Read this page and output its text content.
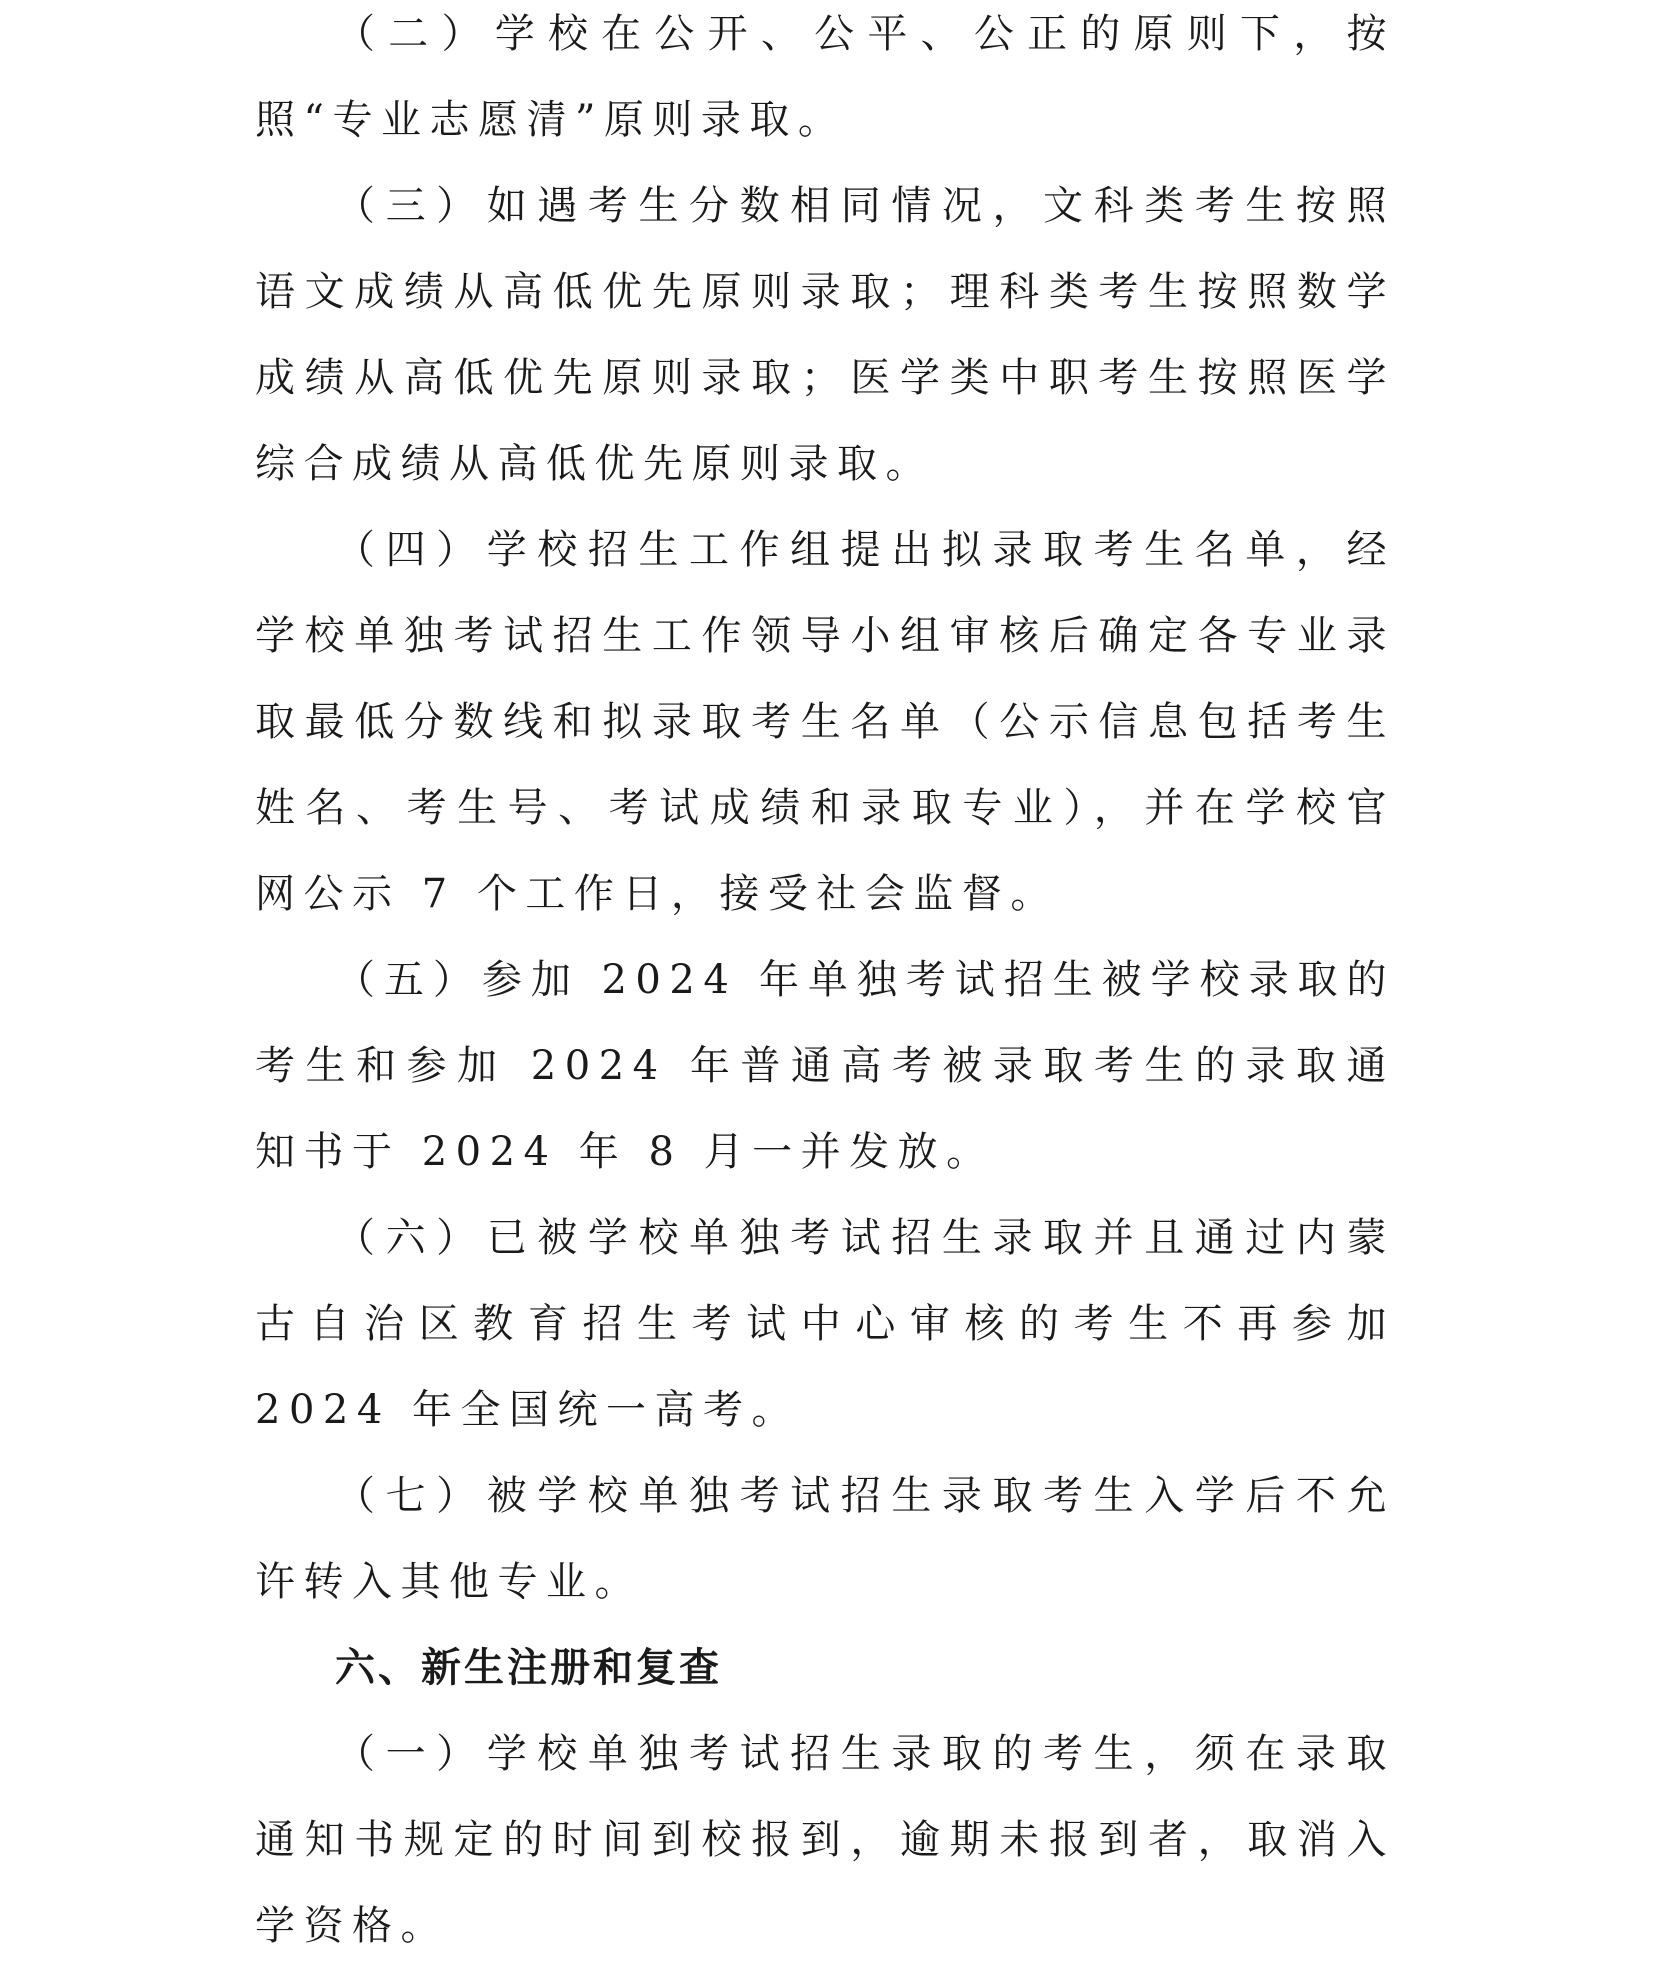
（二）学校在公开、公平、公正的原则下，按照“专业志愿清”原则录取。

（三）如遇考生分数相同情况，文科类考生按照语文成绩从高低优先原则录取；理科类考生按照数学成绩从高低优先原则录取；医学类中职考生按照医学综合成绩从高低优先原则录取。

（四）学校招生工作组提出拟录取考生名单，经学校单独考试招生工作领导小组审核后确定各专业录取最低分数线和拟录取考生名单（公示信息包括考生姓名、考生号、考试成绩和录取专业），并在学校官网公示 7 个工作日，接受社会监督。

（五）参加 2024 年单独考试招生被学校录取的考生和参加 2024 年普通高考被录取考生的录取通知书于 2024 年 8 月一并发放。

（六）已被学校单独考试招生录取并且通过内蒙古自治区教育招生考试中心审核的考生不再参加 2024 年全国统一高考。

（七）被学校单独考试招生录取考生入学后不允许转入其他专业。

六、新生注册和复查

（一）学校单独考试招生录取的考生，须在录取通知书规定的时间到校报到，逾期未报到者，取消入学资格。
